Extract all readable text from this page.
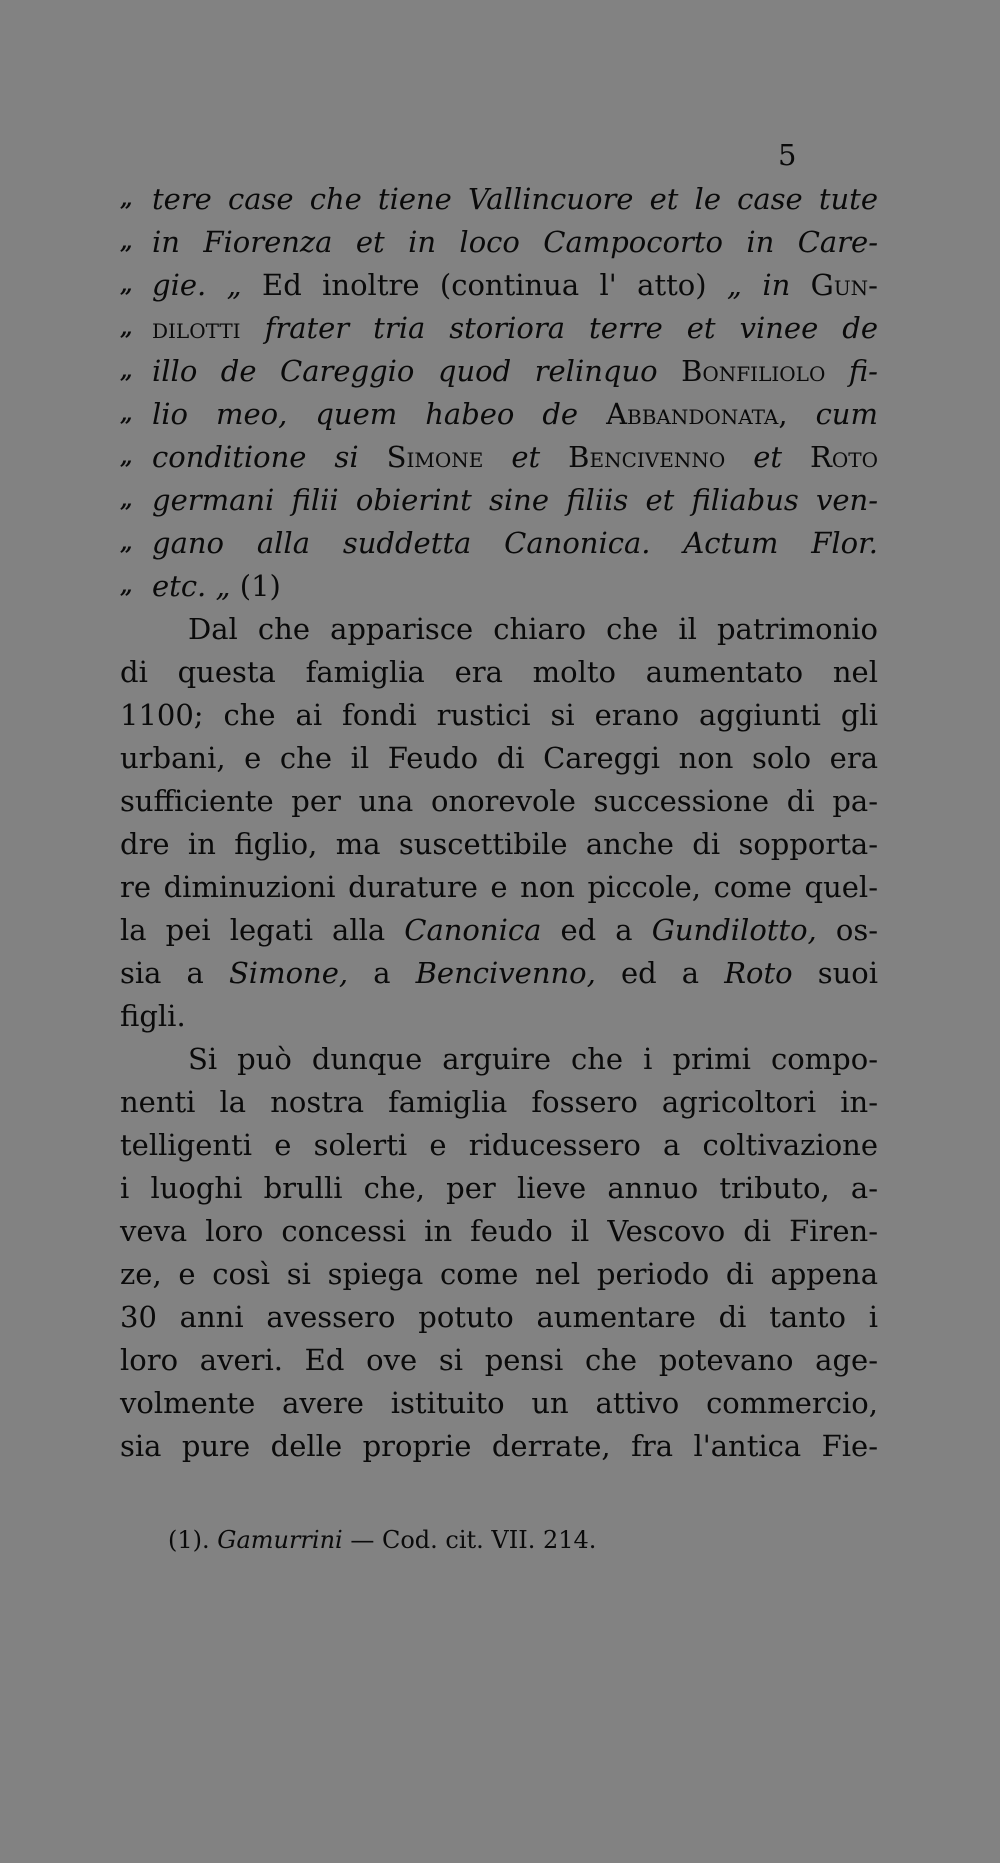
5
„ tere case che tiene Vallincuore et le case tute
„ in Fiorenza et in loco Campocorto in Care-
„ gie. „ Ed inoltre (continua l' atto) „ in Gun-
„ dilotti frater tria storiora terre et vinee de
„ illo de Careggio quod relinquo Bonfiliolo fi-
„ lio meo, quem habeo de Abbandonata, cum
„ conditione si Simone et Bencivenno et Roto
„ germani filii obierint sine filiis et filiabus ven-
„ gano alla suddetta Canonica. Actum Flor.
„ etc. „ (1)
Dal che apparisce chiaro che il patrimonio
di questa famiglia era molto aumentato nel
1100; che ai fondi rustici si erano aggiunti gli
urbani, e che il Feudo di Careggi non solo era
sufficiente per una onorevole successione di pa-
dre in figlio, ma suscettibile anche di sopporta-
re diminuzioni durature e non piccole, come quel-
la pei legati alla Canonica ed a Gundilotto, os-
sia a Simone, a Bencivenno, ed a Roto suoi
figli.
Si può dunque arguire che i primi compo-
nenti la nostra famiglia fossero agricoltori in-
telligenti e solerti e riducessero a coltivazione
i luoghi brulli che, per lieve annuo tributo, a-
veva loro concessi in feudo il Vescovo di Firen-
ze, e così si spiega come nel periodo di appena
30 anni avessero potuto aumentare di tanto i
loro averi. Ed ove si pensi che potevano age-
volmente avere istituito un attivo commercio,
sia pure delle proprie derrate, fra l'antica Fie-
(1). Gamurrini — Cod. cit. VII. 214.
